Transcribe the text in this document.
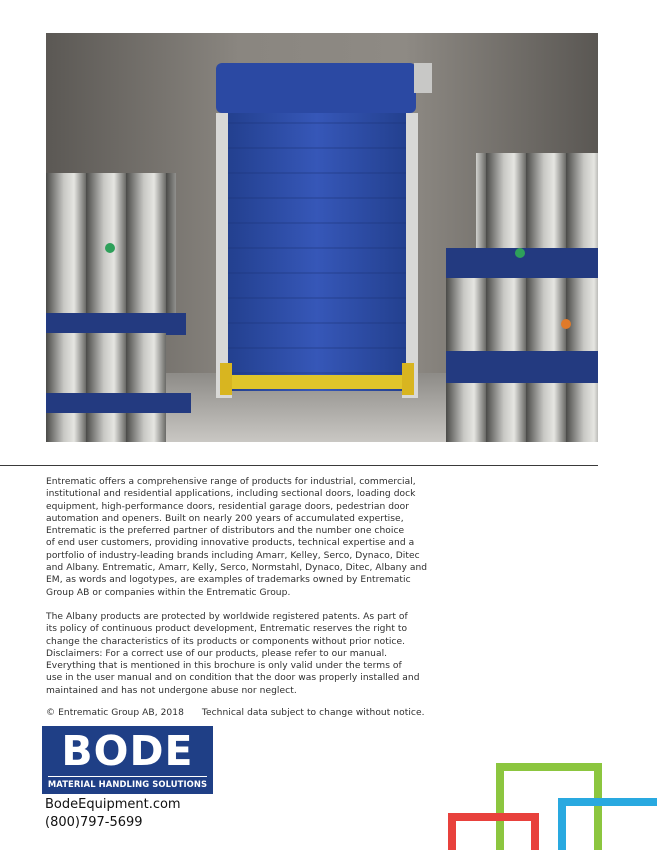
Entrematic offers a comprehensive range of products for industrial, commercial,
institutional and residential applications, including sectional doors, loading dock
equipment, high-performance doors, residential garage doors, pedestrian door
automation and openers. Built on nearly 200 years of accumulated expertise,
Entrematic is the preferred partner of distributors and the number one choice
of end user customers, providing innovative products, technical expertise and a
portfolio of industry-leading brands including Amarr, Kelley, Serco, Dynaco, Ditec
and Albany. Entrematic, Amarr, Kelly, Serco, Normstahl, Dynaco, Ditec, Albany and
EM, as words and logotypes, are examples of trademarks owned by Entrematic
Group AB or companies within the Entrematic Group.
The Albany products are protected by worldwide registered patents. As part of
its policy of continuous product development, Entrematic reserves the right to
change the characteristics of its products or components without prior notice.
Disclaimers: For a correct use of our products, please refer to our manual.
Everything that is mentioned in this brochure is only valid under the terms of
use in the user manual and on condition that the door was properly installed and
maintained and has not undergone abuse nor neglect.
© Entrematic Group AB, 2018 Technical data subject to change without notice.
BODE
MATERIAL HANDLING SOLUTIONS
BodeEquipment.com
(800)797-5699
